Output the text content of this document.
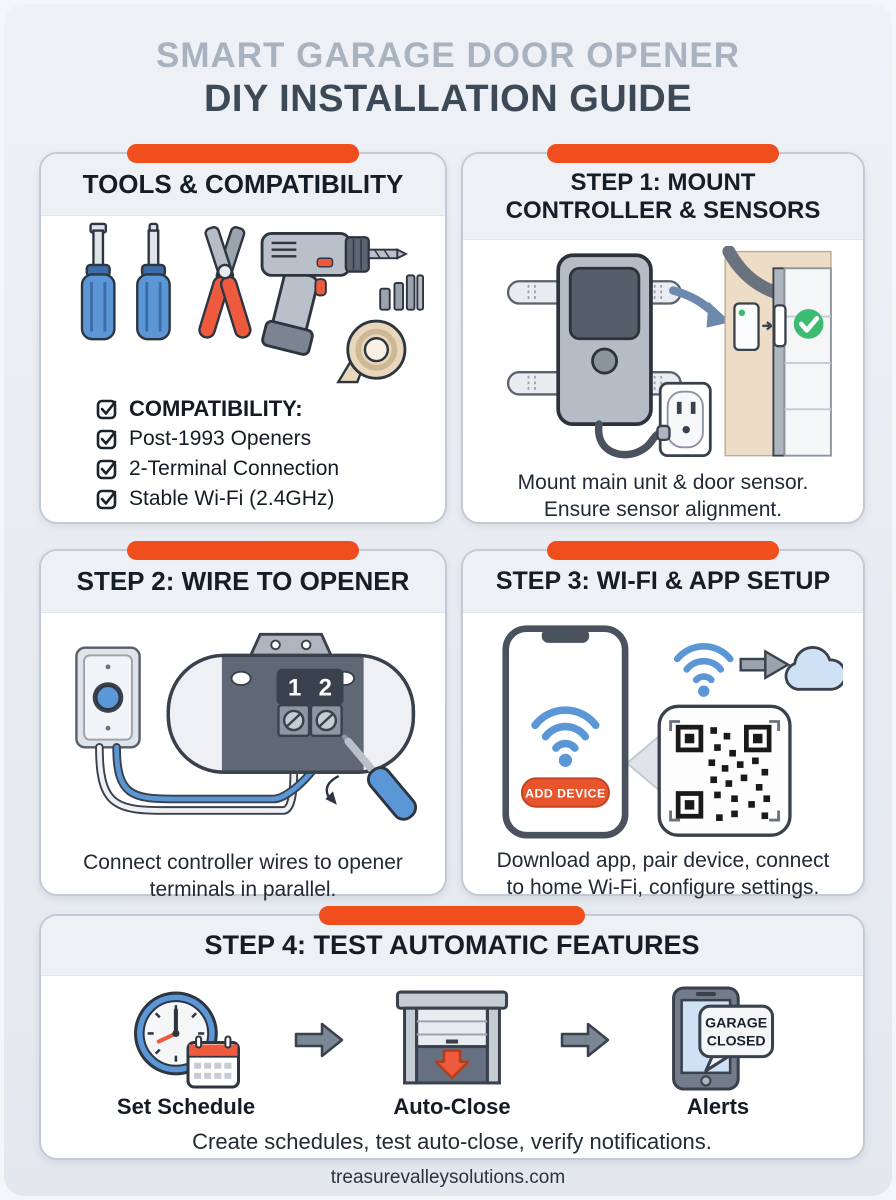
SMART GARAGE DOOR OPENER
DIY INSTALLATION GUIDE
TOOLS & COMPATIBILITY
COMPATIBILITY:
Post-1993 Openers
2-Terminal Connection
Stable Wi-Fi (2.4GHz)
STEP 1: MOUNT CONTROLLER & SENSORS
Mount main unit & door sensor. Ensure sensor alignment.
STEP 2: WIRE TO OPENER
1 2
Connect controller wires to opener terminals in parallel.
STEP 3: WI-FI & APP SETUP
ADD DEVICE
Download app, pair device, connect to home Wi-Fi, configure settings.
STEP 4: TEST AUTOMATIC FEATURES
Set Schedule	Auto-Close
GARAGE
CLOSED
Alerts
Create schedules, test auto-close, verify notifications.
treasurevalleysolutions.com
